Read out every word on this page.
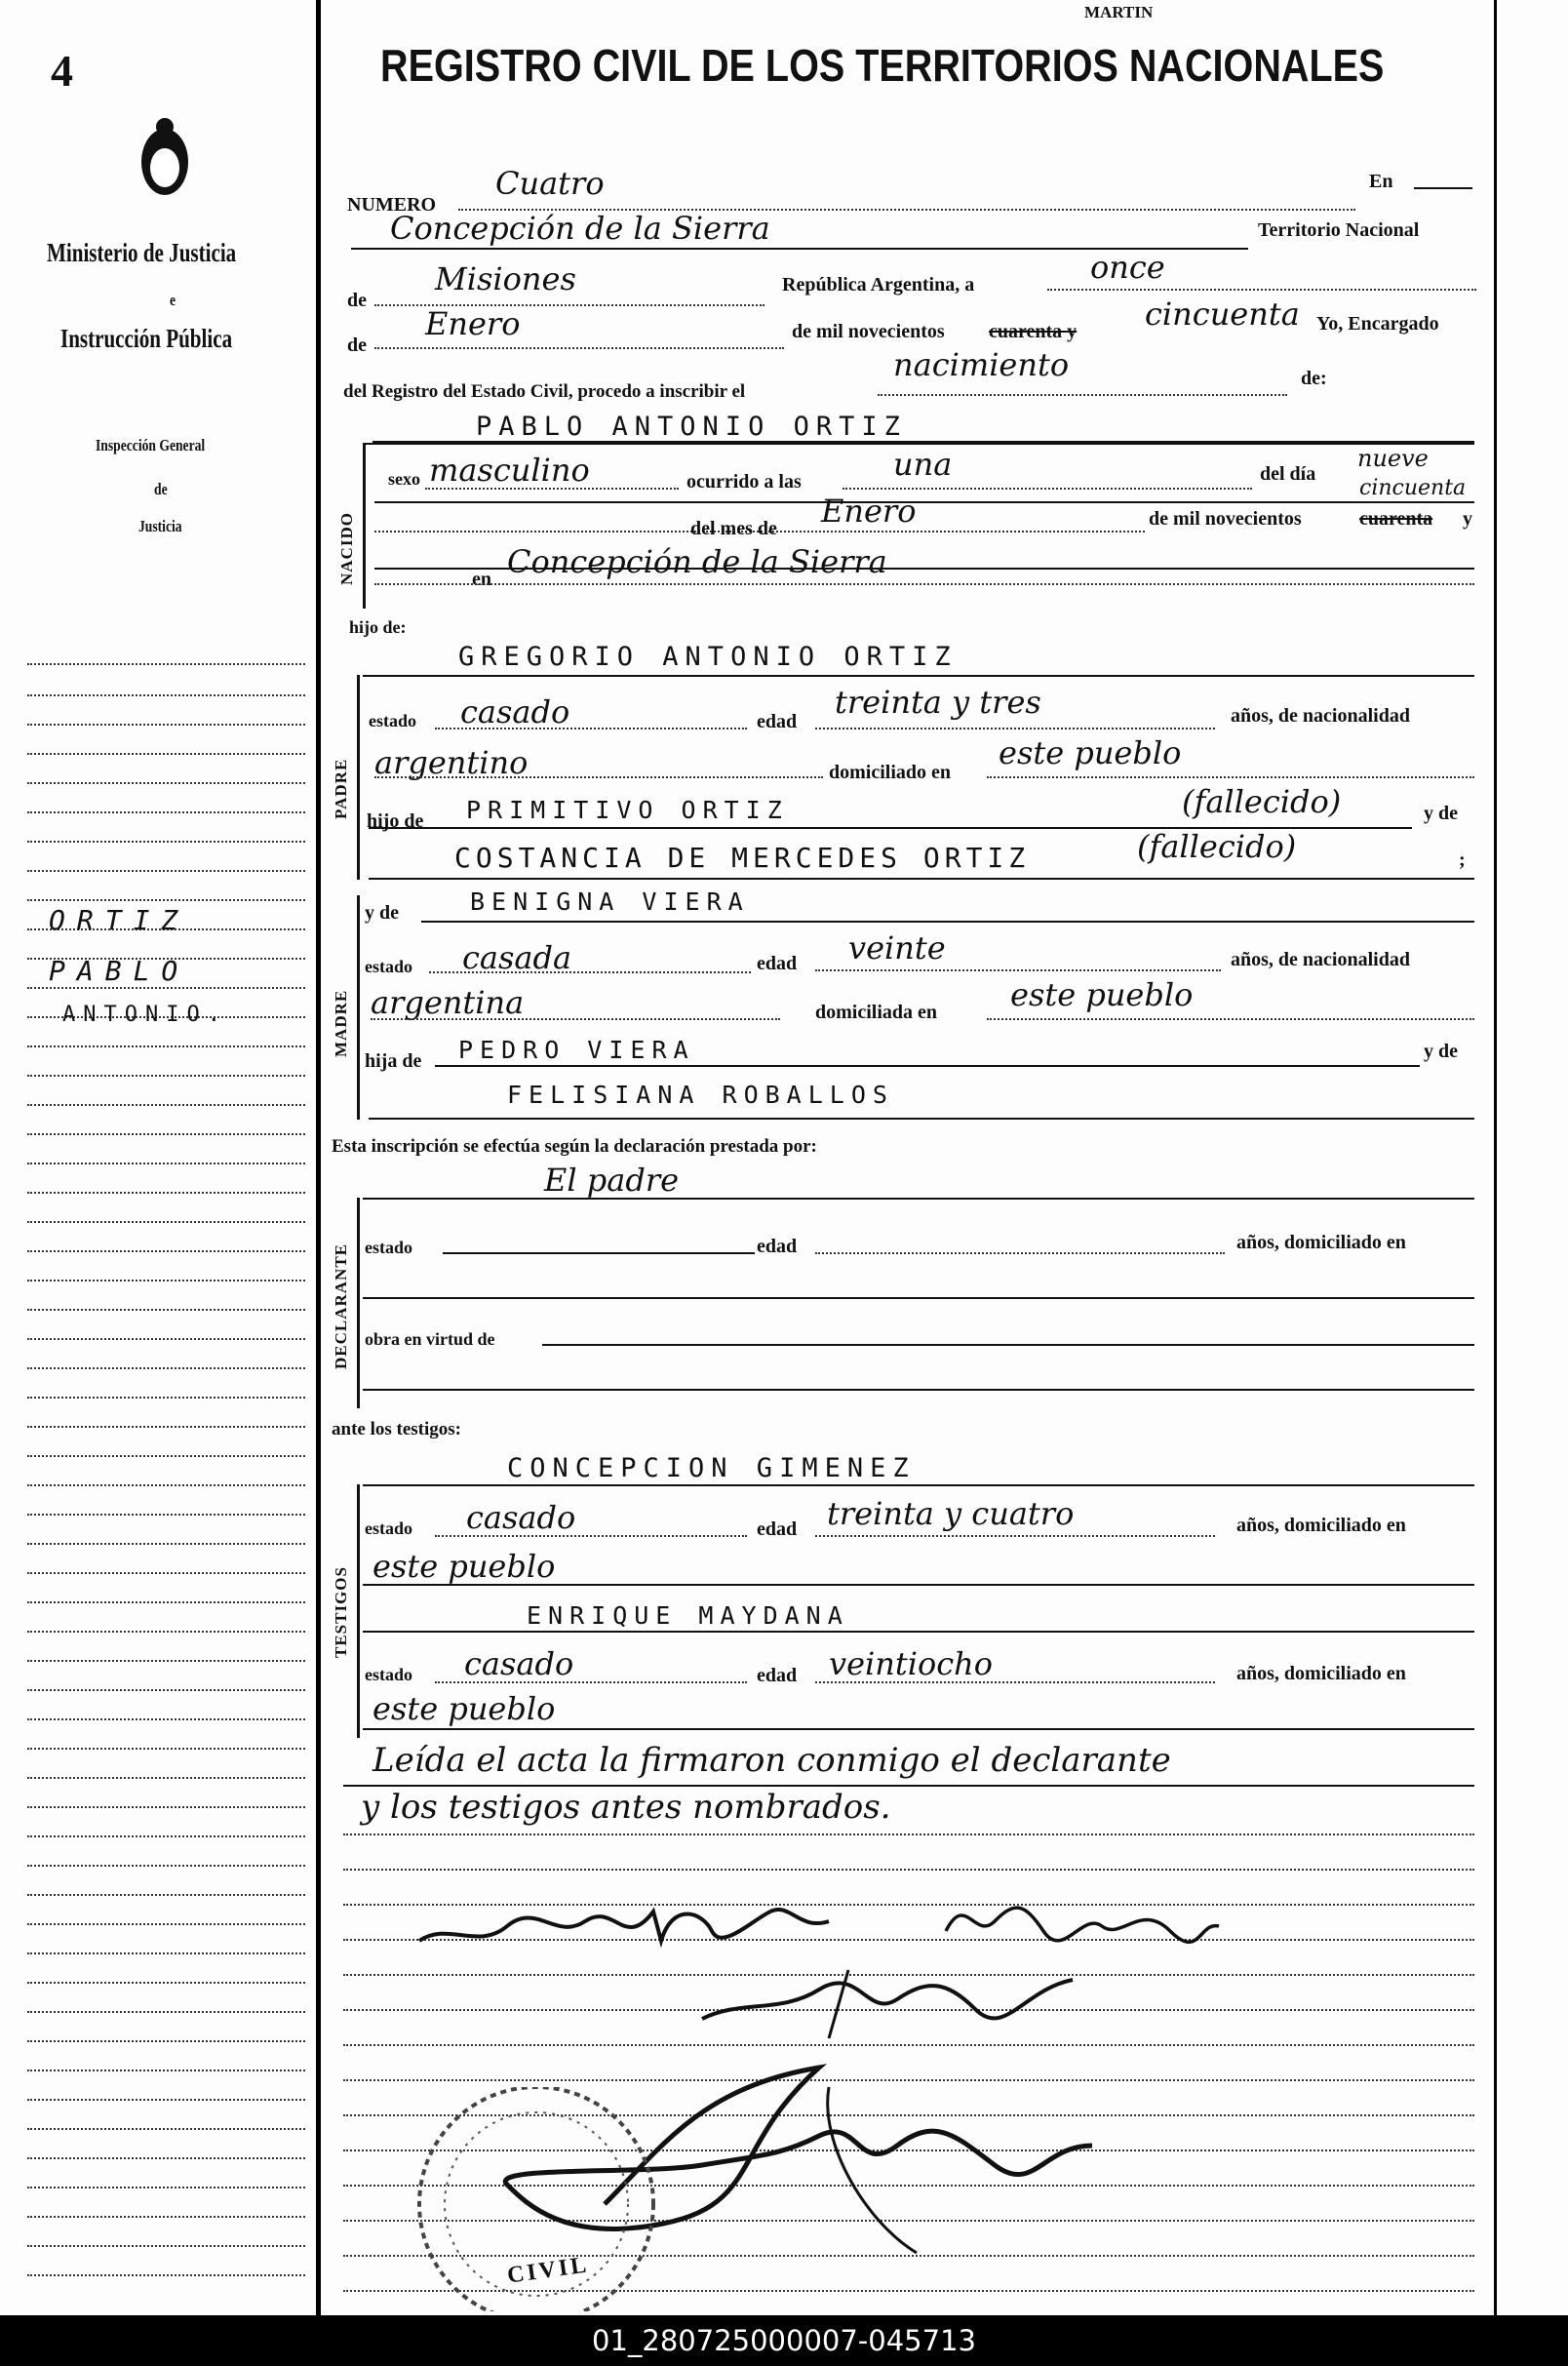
MARTIN
4
Ministerio de Justicia
e
Instrucción Pública
Inspección General
de
Justicia
ORTIZ
PABLO
ANTONIO.
REGISTRO CIVIL DE LOS TERRITORIOS NACIONALES
NUMERO
Cuatro	En
Concepción de la Sierra	Territorio Nacional
de
Misiones	República Argentina, a	once
de
Enero	de mil novecientos cuarenta y cincuenta Yo, Encargado
del Registro del Estado Civil, procedo a inscribir el
nacimiento	de:
PABLO ANTONIO ORTIZ
NACIDO
sexo masculino	ocurrido a las	una	del día
nueve
cincuenta
del mes de Enero	de mil novecientos	cuarenta y
en Concepción de la Sierra
hijo de:
GREGORIO ANTONIO ORTIZ
PADRE
estado casado	edad
treinta y tres	años, de nacionalidad
argentino	domiciliado en
este pueblo
hijo de PRIMITIVO ORTIZ	(fallecido)	y de
COSTANCIA DE MERCEDES ORTIZ	(fallecido)	;
MADRE
y de	BENIGNA VIERA
estado casada	edad veinte	años, de nacionalidad
argentina	domiciliada en este pueblo
hija de PEDRO VIERA	y de
FELISIANA ROBALLOS
Esta inscripción se efectúa según la declaración prestada por:
El padre
DECLARANTE estado	edad	años, domiciliado en
obra en virtud de
ante los testigos:
CONCEPCION GIMENEZ
TESTIGOS
estado casado	edad treinta y cuatro	años, domiciliado en
este pueblo
ENRIQUE MAYDANA
estado casado	edad veintiocho	años, domiciliado en
este pueblo
Leída el acta la firmaron conmigo el declarante
y los testigos antes nombrados.
CIVIL
01_280725000007-045713
